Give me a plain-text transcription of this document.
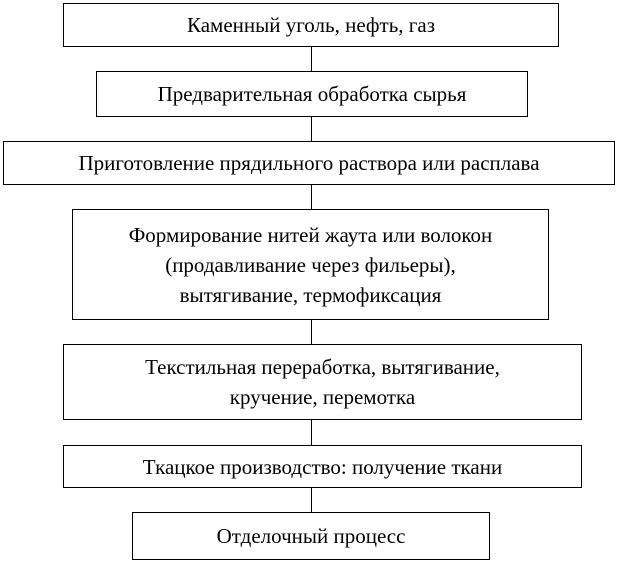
Каменный уголь, нефть, газ
Предварительная обработка сырья
Приготовление прядильного раствора или расплава
Формирование нитей жаута или волокон
(продавливание через фильеры),
вытягивание, термофиксация
Текстильная переработка, вытягивание,
кручение, перемотка
Ткацкое производство: получение ткани
Отделочный процесс
